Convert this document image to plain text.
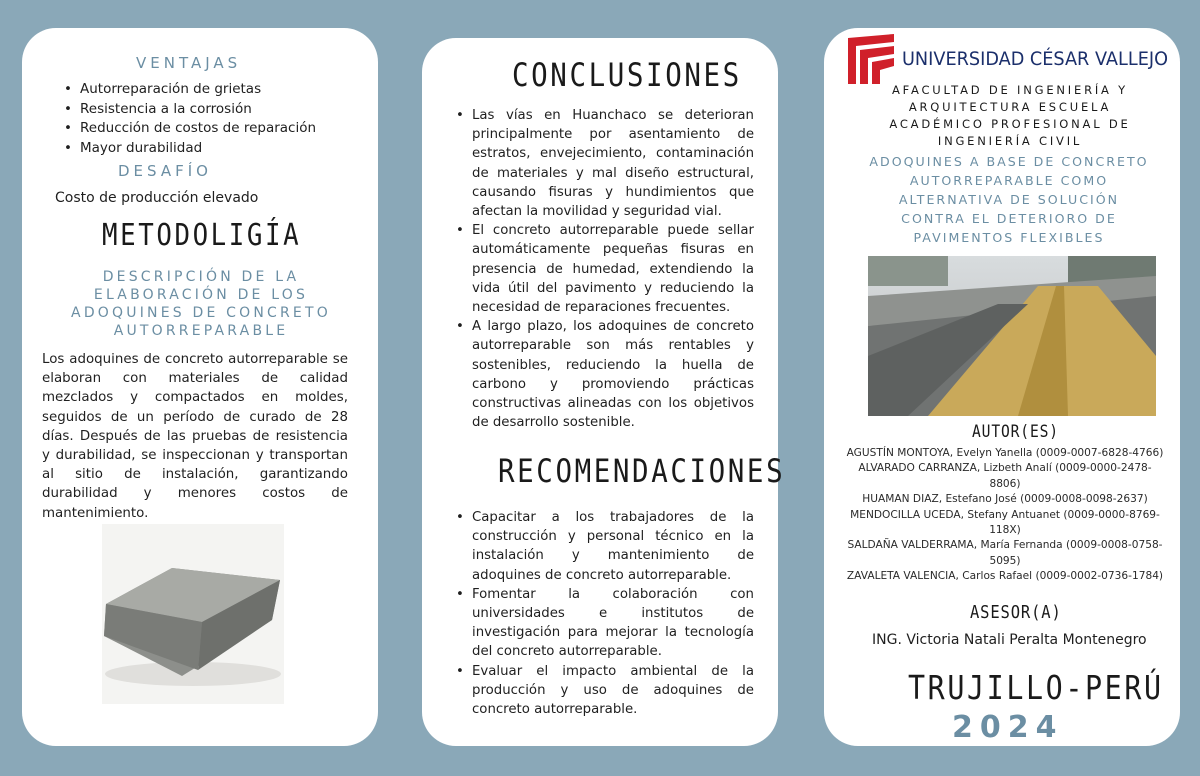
VENTAJAS
• Autorreparación de grietas
• Resistencia a la corrosión
• Reducción de costos de reparación
• Mayor durabilidad
DESAFÍO
Costo de producción elevado
METODOLIGÍA
DESCRIPCIÓN DE LA ELABORACIÓN DE LOS ADOQUINES DE CONCRETO AUTORREPARABLE
Los adoquines de concreto autorreparable se elaboran con materiales de calidad mezclados y compactados en moldes, seguidos de un período de curado de 28 días. Después de las pruebas de resistencia y durabilidad, se inspeccionan y transportan al sitio de instalación, garantizando durabilidad y menores costos de mantenimiento.
CONCLUSIONES
• Las vías en Huanchaco se deterioran principalmente por asentamiento de estratos, envejecimiento, contaminación de materiales y mal diseño estructural, causando fisuras y hundimientos que afectan la movilidad y seguridad vial.
• El concreto autorreparable puede sellar automáticamente pequeñas fisuras en presencia de humedad, extendiendo la vida útil del pavimento y reduciendo la necesidad de reparaciones frecuentes.
• A largo plazo, los adoquines de concreto autorreparable son más rentables y sostenibles, reduciendo la huella de carbono y promoviendo prácticas constructivas alineadas con los objetivos de desarrollo sostenible.
RECOMENDACIONES
• Capacitar a los trabajadores de la construcción y personal técnico en la instalación y mantenimiento de adoquines de concreto autorreparable.
• Fomentar la colaboración con universidades e institutos de investigación para mejorar la tecnología del concreto autorreparable.
• Evaluar el impacto ambiental de la producción y uso de adoquines de concreto autorreparable.
UNIVERSIDAD CÉSAR VALLEJO
AFACULTAD DE INGENIERÍA Y ARQUITECTURA ESCUELA ACADÉMICO PROFESIONAL DE INGENIERÍA CIVIL
ADOQUINES A BASE DE CONCRETO AUTORREPARABLE COMO ALTERNATIVA DE SOLUCIÓN CONTRA EL DETERIORO DE PAVIMENTOS FLEXIBLES
AUTOR(ES)
AGUSTÍN MONTOYA, Evelyn Yanella (0009-0007-6828-4766)
ALVARADO CARRANZA, Lizbeth Analí (0009-0000-2478-8806)
HUAMAN DIAZ, Estefano José (0009-0008-0098-2637)
MENDOCILLA UCEDA, Stefany Antuanet (0009-0000-8769-118X)
SALDAÑA VALDERRAMA, María Fernanda (0009-0008-0758-5095)
ZAVALETA VALENCIA, Carlos Rafael (0009-0002-0736-1784)
ASESOR(A)
ING. Victoria Natali Peralta Montenegro
TRUJILLO-PERÚ
2024
